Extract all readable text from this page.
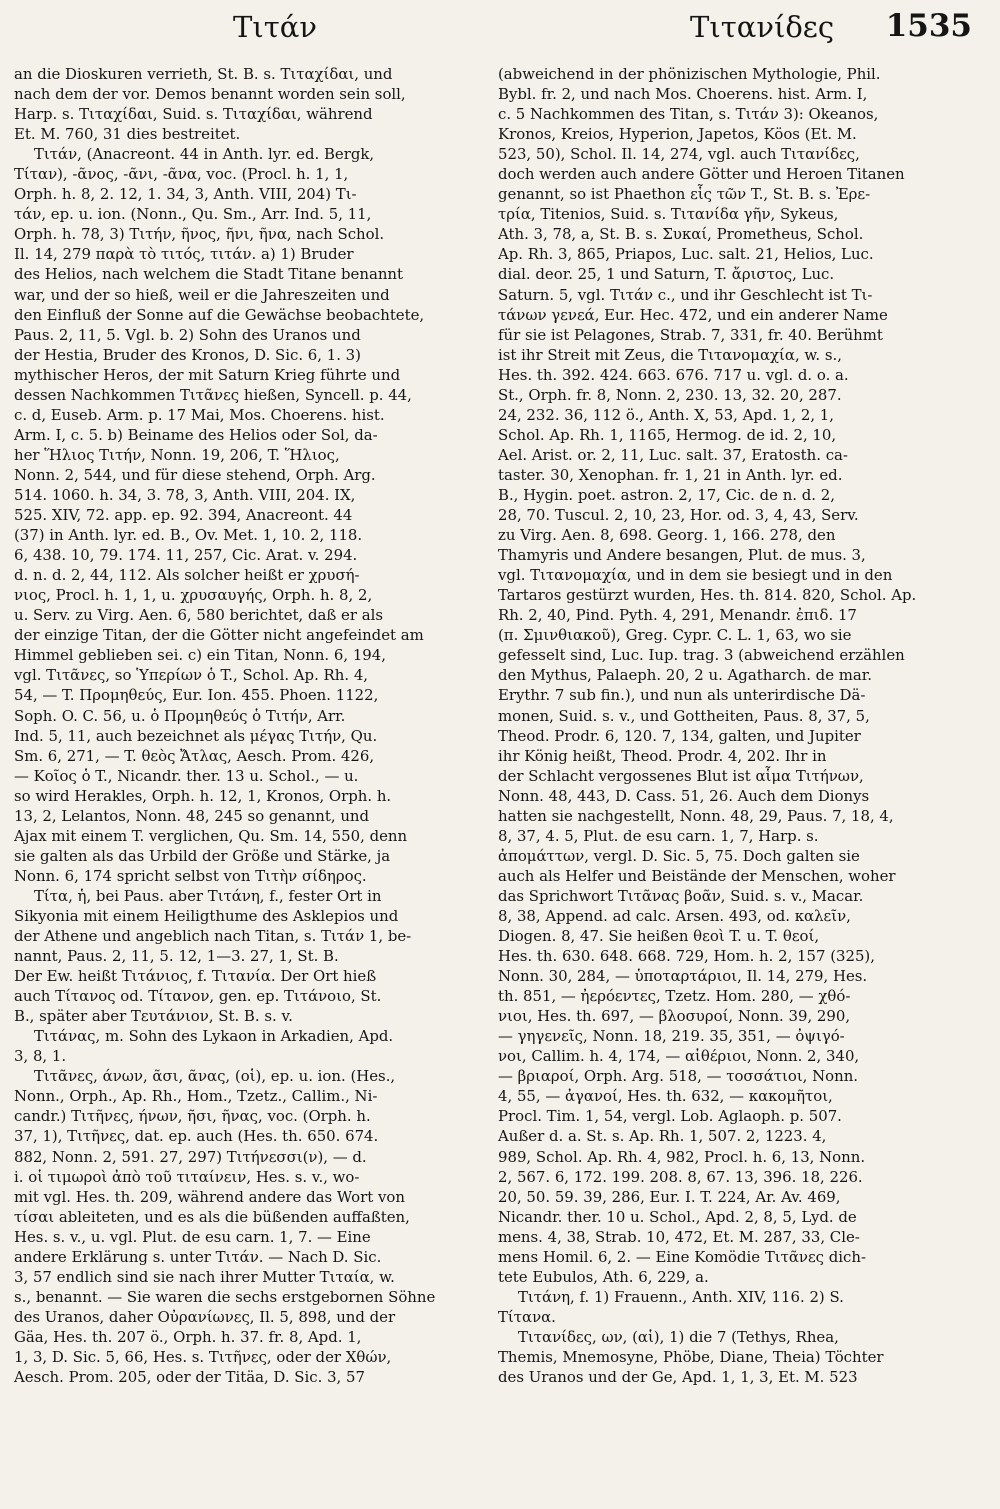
Τιτάν	Τιτανίδες 1535
an die Dioskuren verrieth, St. B. s. Τιταχίδαι, und
nach dem der vor. Demos benannt worden sein soll,
Harp. s. Τιταχίδαι, Suid. s. Τιταχίδαι, während
Et. M. 760, 31 dies bestreitet.
Τιτάν, (Anacreont. 44 in Anth. lyr. ed. Bergk,
Τίταν), -ᾶνος, -ᾶνι, -ᾶνα, voc. (Procl. h. 1, 1,
Orph. h. 8, 2. 12, 1. 34, 3, Anth. VIII, 204) Τι-
τάν, ep. u. ion. (Nonn., Qu. Sm., Arr. Ind. 5, 11,
Orph. h. 78, 3) Τιτήν, ῆνος, ῆνι, ῆνα, nach Schol.
Il. 14, 279 παρὰ τὸ τιτός, τιτάν. a) 1) Bruder
des Helios, nach welchem die Stadt Titane benannt
war, und der so hieß, weil er die Jahreszeiten und
den Einfluß der Sonne auf die Gewächse beobachtete,
Paus. 2, 11, 5. Vgl. b. 2) Sohn des Uranos und
der Hestia, Bruder des Kronos, D. Sic. 6, 1. 3)
mythischer Heros, der mit Saturn Krieg führte und
dessen Nachkommen Τιτᾶνες hießen, Syncell. p. 44,
c. d, Euseb. Arm. p. 17 Mai, Mos. Choerens. hist.
Arm. I, c. 5. b) Beiname des Helios oder Sol, da-
her Ἥλιος Τιτήν, Nonn. 19, 206, T. Ἥλιος,
Nonn. 2, 544, und für diese stehend, Orph. Arg.
514. 1060. h. 34, 3. 78, 3, Anth. VIII, 204. IX,
525. XIV, 72. app. ep. 92. 394, Anacreont. 44
(37) in Anth. lyr. ed. B., Ov. Met. 1, 10. 2, 118.
6, 438. 10, 79. 174. 11, 257, Cic. Arat. v. 294.
d. n. d. 2, 44, 112. Als solcher heißt er χρυσή-
νιος, Procl. h. 1, 1, u. χρυσαυγής, Orph. h. 8, 2,
u. Serv. zu Virg. Aen. 6, 580 berichtet, daß er als
der einzige Titan, der die Götter nicht angefeindet am
Himmel geblieben sei. c) ein Titan, Nonn. 6, 194,
vgl. Τιτᾶνες, so Ὑπερίων ὁ T., Schol. Ap. Rh. 4,
54, — T. Προμηθεύς, Eur. Ion. 455. Phoen. 1122,
Soph. O. C. 56, u. ὁ Προμηθεύς ὁ Τιτήν, Arr.
Ind. 5, 11, auch bezeichnet als μέγας Τιτήν, Qu.
Sm. 6, 271, — T. θεὸς Ἄτλας, Aesch. Prom. 426,
— Κοῖος ὁ T., Nicandr. ther. 13 u. Schol., — u.
so wird Herakles, Orph. h. 12, 1, Kronos, Orph. h.
13, 2, Lelantos, Nonn. 48, 245 so genannt, und
Ajax mit einem T. verglichen, Qu. Sm. 14, 550, denn
sie galten als das Urbild der Größe und Stärke, ja
Nonn. 6, 174 spricht selbst von Τιτὴν σίδηρος.
Τίτα, ἡ, bei Paus. aber Τιτάνη, f., fester Ort in
Sikyonia mit einem Heiligthume des Asklepios und
der Athene und angeblich nach Titan, s. Τιτάν 1, be-
nannt, Paus. 2, 11, 5. 12, 1—3. 27, 1, St. B.
Der Ew. heißt Τιτάνιος, f. Τιτανία. Der Ort hieß
auch Τίτανος od. Τίτανον, gen. ep. Τιτάνοιο, St.
B., später aber Τευτάνιον, St. B. s. v.
Τιτάνας, m. Sohn des Lykaon in Arkadien, Apd.
3, 8, 1.
Τιτᾶνες, άνων, ᾶσι, ᾶνας, (οἱ), ep. u. ion. (Hes.,
Nonn., Orph., Ap. Rh., Hom., Tzetz., Callim., Ni-
candr.) Τιτῆνες, ήνων, ῆσι, ῆνας, voc. (Orph. h.
37, 1), Τιτῆνες, dat. ep. auch (Hes. th. 650. 674.
882, Nonn. 2, 591. 27, 297) Τιτήνεσσι(ν), — d.
i. οἱ τιμωροὶ ἀπὸ τοῦ τιταίνειν, Hes. s. v., wo-
mit vgl. Hes. th. 209, während andere das Wort von
τίσαι ableiteten, und es als die büßenden auffaßten,
Hes. s. v., u. vgl. Plut. de esu carn. 1, 7. — Eine
andere Erklärung s. unter Τιτάν. — Nach D. Sic.
3, 57 endlich sind sie nach ihrer Mutter Τιταία, w.
s., benannt. — Sie waren die sechs erstgebornen Söhne
des Uranos, daher Οὐρανίωνες, Il. 5, 898, und der
Gäa, Hes. th. 207 ö., Orph. h. 37. fr. 8, Apd. 1,
1, 3, D. Sic. 5, 66, Hes. s. Τιτῆνες, oder der Χθών,
Aesch. Prom. 205, oder der Titäa, D. Sic. 3, 57
(abweichend in der phönizischen Mythologie, Phil.
Bybl. fr. 2, und nach Mos. Choerens. hist. Arm. I,
c. 5 Nachkommen des Titan, s. Τιτάν 3): Okeanos,
Kronos, Kreios, Hyperion, Japetos, Köos (Et. M.
523, 50), Schol. Il. 14, 274, vgl. auch Τιτανίδες,
doch werden auch andere Götter und Heroen Titanen
genannt, so ist Phaethon εἷς τῶν T., St. B. s. Ἐρε-
τρία, Titenios, Suid. s. Τιτανίδα γῆν, Sykeus,
Ath. 3, 78, a, St. B. s. Συκαί, Prometheus, Schol.
Ap. Rh. 3, 865, Priapos, Luc. salt. 21, Helios, Luc.
dial. deor. 25, 1 und Saturn, T. ἄριστος, Luc.
Saturn. 5, vgl. Τιτάν c., und ihr Geschlecht ist Τι-
τάνων γενεά, Eur. Hec. 472, und ein anderer Name
für sie ist Pelagones, Strab. 7, 331, fr. 40. Berühmt
ist ihr Streit mit Zeus, die Τιτανομαχία, w. s.,
Hes. th. 392. 424. 663. 676. 717 u. vgl. d. o. a.
St., Orph. fr. 8, Nonn. 2, 230. 13, 32. 20, 287.
24, 232. 36, 112 ö., Anth. X, 53, Apd. 1, 2, 1,
Schol. Ap. Rh. 1, 1165, Hermog. de id. 2, 10,
Ael. Arist. or. 2, 11, Luc. salt. 37, Eratosth. ca-
taster. 30, Xenophan. fr. 1, 21 in Anth. lyr. ed.
B., Hygin. poet. astron. 2, 17, Cic. de n. d. 2,
28, 70. Tuscul. 2, 10, 23, Hor. od. 3, 4, 43, Serv.
zu Virg. Aen. 8, 698. Georg. 1, 166. 278, den
Thamyris und Andere besangen, Plut. de mus. 3,
vgl. Τιτανομαχία, und in dem sie besiegt und in den
Tartaros gestürzt wurden, Hes. th. 814. 820, Schol. Ap.
Rh. 2, 40, Pind. Pyth. 4, 291, Menandr. ἐπιδ. 17
(π. Σμινθιακοῦ), Greg. Cypr. C. L. 1, 63, wo sie
gefesselt sind, Luc. Iup. trag. 3 (abweichend erzählen
den Mythus, Palaeph. 20, 2 u. Agatharch. de mar.
Erythr. 7 sub fin.), und nun als unterirdische Dä-
monen, Suid. s. v., und Gottheiten, Paus. 8, 37, 5,
Theod. Prodr. 6, 120. 7, 134, galten, und Jupiter
ihr König heißt, Theod. Prodr. 4, 202. Ihr in
der Schlacht vergossenes Blut ist αἷμα Τιτήνων,
Nonn. 48, 443, D. Cass. 51, 26. Auch dem Dionys
hatten sie nachgestellt, Nonn. 48, 29, Paus. 7, 18, 4,
8, 37, 4. 5, Plut. de esu carn. 1, 7, Harp. s.
ἀπομάττων, vergl. D. Sic. 5, 75. Doch galten sie
auch als Helfer und Beistände der Menschen, woher
das Sprichwort Τιτᾶνας βοᾶν, Suid. s. v., Macar.
8, 38, Append. ad calc. Arsen. 493, od. καλεῖν,
Diogen. 8, 47. Sie heißen θεοὶ T. u. T. θεοί,
Hes. th. 630. 648. 668. 729, Hom. h. 2, 157 (325),
Nonn. 30, 284, — ὑποταρτάριοι, Il. 14, 279, Hes.
th. 851, — ἠερόεντες, Tzetz. Hom. 280, — χθό-
νιοι, Hes. th. 697, — βλοσυροί, Nonn. 39, 290,
— γηγενεῖς, Nonn. 18, 219. 35, 351, — ὀψιγό-
νοι, Callim. h. 4, 174, — αἰθέριοι, Nonn. 2, 340,
— βριαροί, Orph. Arg. 518, — τοσσάτιοι, Nonn.
4, 55, — ἀγανοί, Hes. th. 632, — κακομῆτοι,
Procl. Tim. 1, 54, vergl. Lob. Aglaoph. p. 507.
Außer d. a. St. s. Ap. Rh. 1, 507. 2, 1223. 4,
989, Schol. Ap. Rh. 4, 982, Procl. h. 6, 13, Nonn.
2, 567. 6, 172. 199. 208. 8, 67. 13, 396. 18, 226.
20, 50. 59. 39, 286, Eur. I. T. 224, Ar. Av. 469,
Nicandr. ther. 10 u. Schol., Apd. 2, 8, 5, Lyd. de
mens. 4, 38, Strab. 10, 472, Et. M. 287, 33, Cle-
mens Homil. 6, 2. — Eine Komödie Τιτᾶνες dich-
tete Eubulos, Ath. 6, 229, a.
Τιτάνη, f. 1) Frauenn., Anth. XIV, 116. 2) S.
Τίτανα.
Τιτανίδες, ων, (αἱ), 1) die 7 (Tethys, Rhea,
Themis, Mnemosyne, Phöbe, Diane, Theia) Töchter
des Uranos und der Ge, Apd. 1, 1, 3, Et. M. 523
